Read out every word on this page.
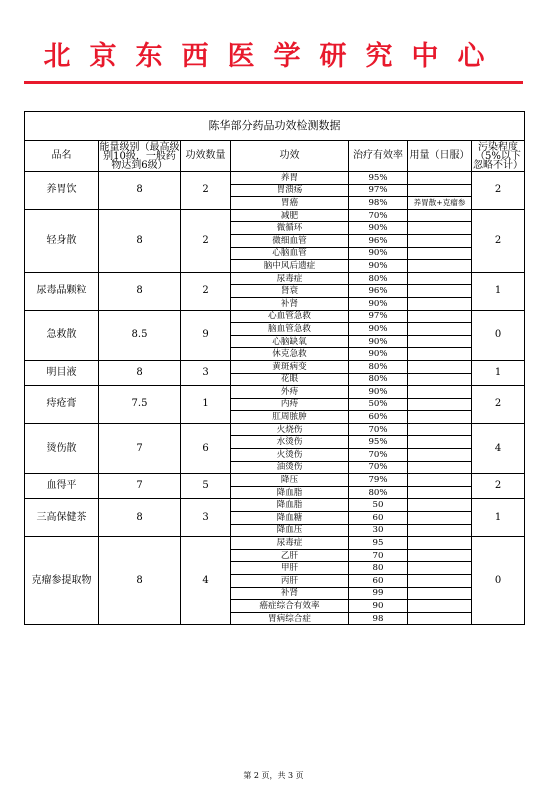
北京东西医学研究中心
陈华部分药品功效检测数据						
品名	能量级别（最高级别10级，一般药物达到6级）	功效数量	功效	治疗有效率	用量（日服）	污染程度（5%以下忽略不计）
养胃饮	8	2	养胃	95%		2
			胃溃疡	97%		
			胃癌	98%	养胃散+克瘤参	
轻身散	8	2	减肥	70%		2
			微循环	90%		
			微细血管	96%		
			心脑血管	90%		
			脑中风后遗症	90%		
尿毒晶颗粒	8	2	尿毒症	80%		1
			肾衰	96%		
			补肾	90%		
急救散	8.5	9	心血管急救	97%		0
			脑血管急救	90%		
			心脑缺氧	90%		
			休克急救	90%		
明目液	8	3	黄斑病变	80%		1
			花眼	80%		
痔疮膏	7.5	1	外痔	90%		2
			内痔	50%		
			肛周脓肿	60%		
烫伤散	7	6	火烧伤	70%		4
			水烫伤	95%		
			火烫伤	70%		
			油烫伤	70%		
血得平	7	5	降压	79%		2
			降血脂	80%		
三高保健茶	8	3	降血脂	50		1
			降血糖	60		
			降血压	30		
克瘤参提取物	8	4	尿毒症	95		0
			乙肝	70		
			甲肝	80		
			丙肝	60		
			补肾	99		
			癌症综合有效率	90		
			胃病综合症	98		
第 2 页，共 3 页
